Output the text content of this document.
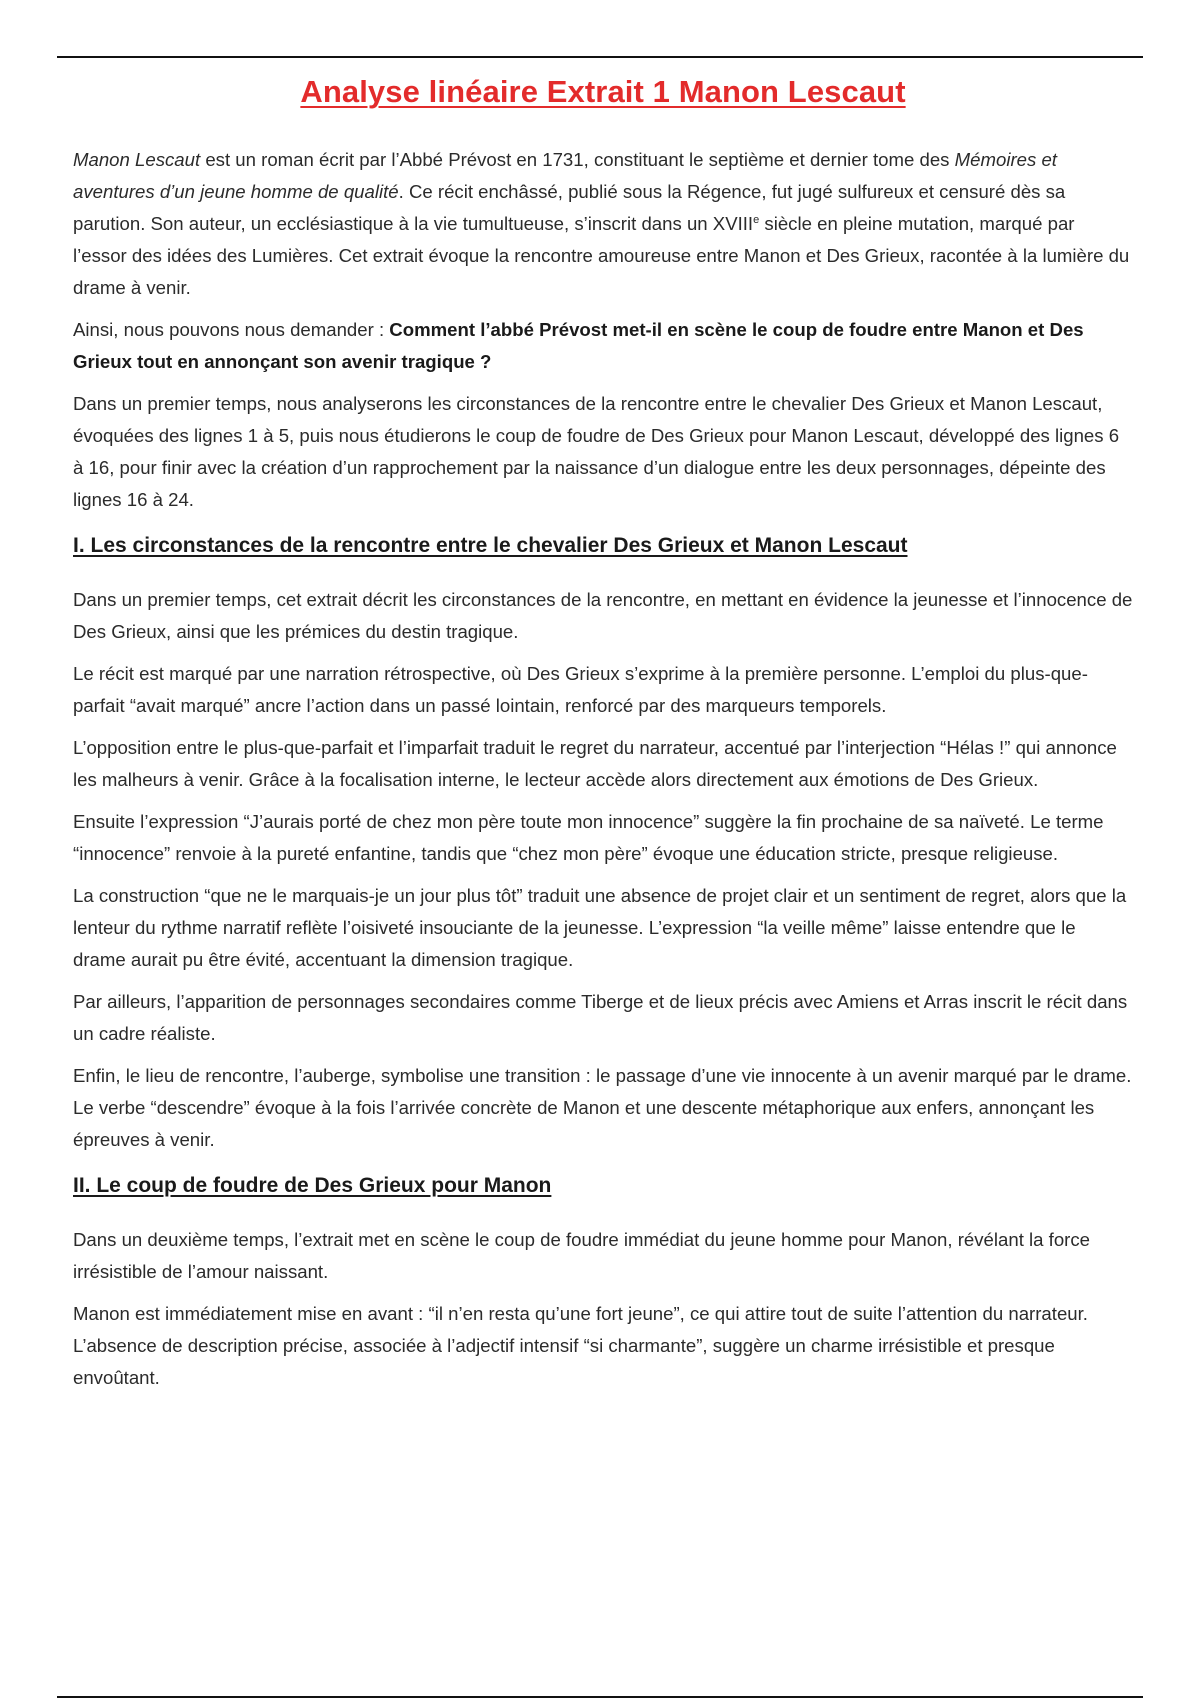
Analyse linéaire Extrait 1 Manon Lescaut

Manon Lescaut est un roman écrit par l’Abbé Prévost en 1731, constituant le septième et dernier tome des Mémoires et aventures d’un jeune homme de qualité. Ce récit enchâssé, publié sous la Régence, fut jugé sulfureux et censuré dès sa parution. Son auteur, un ecclésiastique à la vie tumultueuse, s’inscrit dans un XVIIIe siècle en pleine mutation, marqué par l’essor des idées des Lumières. Cet extrait évoque la rencontre amoureuse entre Manon et Des Grieux, racontée à la lumière du drame à venir.

Ainsi, nous pouvons nous demander : Comment l’abbé Prévost met-il en scène le coup de foudre entre Manon et Des Grieux tout en annonçant son avenir tragique ?

Dans un premier temps, nous analyserons les circonstances de la rencontre entre le chevalier Des Grieux et Manon Lescaut, évoquées des lignes 1 à 5, puis nous étudierons le coup de foudre de Des Grieux pour Manon Lescaut, développé des lignes 6 à 16, pour finir avec la création d’un rapprochement par la naissance d’un dialogue entre les deux personnages, dépeinte des lignes 16 à 24.

I. Les circonstances de la rencontre entre le chevalier Des Grieux et Manon Lescaut

Dans un premier temps, cet extrait décrit les circonstances de la rencontre, en mettant en évidence la jeunesse et l’innocence de Des Grieux, ainsi que les prémices du destin tragique.

Le récit est marqué par une narration rétrospective, où Des Grieux s’exprime à la première personne. L’emploi du plus-que-parfait “avait marqué” ancre l’action dans un passé lointain, renforcé par des marqueurs temporels.

L’opposition entre le plus-que-parfait et l’imparfait traduit le regret du narrateur, accentué par l’interjection “Hélas !” qui annonce les malheurs à venir. Grâce à la focalisation interne, le lecteur accède alors directement aux émotions de Des Grieux.

Ensuite l’expression “J’aurais porté de chez mon père toute mon innocence” suggère la fin prochaine de sa naïveté. Le terme “innocence” renvoie à la pureté enfantine, tandis que “chez mon père” évoque une éducation stricte, presque religieuse.

La construction “que ne le marquais-je un jour plus tôt” traduit une absence de projet clair et un sentiment de regret, alors que la lenteur du rythme narratif reflète l’oisiveté insouciante de la jeunesse. L’expression “la veille même” laisse entendre que le drame aurait pu être évité, accentuant la dimension tragique.

Par ailleurs, l’apparition de personnages secondaires comme Tiberge et de lieux précis avec Amiens et Arras inscrit le récit dans un cadre réaliste.

Enfin, le lieu de rencontre, l’auberge, symbolise une transition : le passage d’une vie innocente à un avenir marqué par le drame. Le verbe “descendre” évoque à la fois l’arrivée concrète de Manon et une descente métaphorique aux enfers, annonçant les épreuves à venir.

II. Le coup de foudre de Des Grieux pour Manon

Dans un deuxième temps, l’extrait met en scène le coup de foudre immédiat du jeune homme pour Manon, révélant la force irrésistible de l’amour naissant.

Manon est immédiatement mise en avant : “il n’en resta qu’une fort jeune”, ce qui attire tout de suite l’attention du narrateur. L’absence de description précise, associée à l’adjectif intensif “si charmante”, suggère un charme irrésistible et presque envoûtant.
